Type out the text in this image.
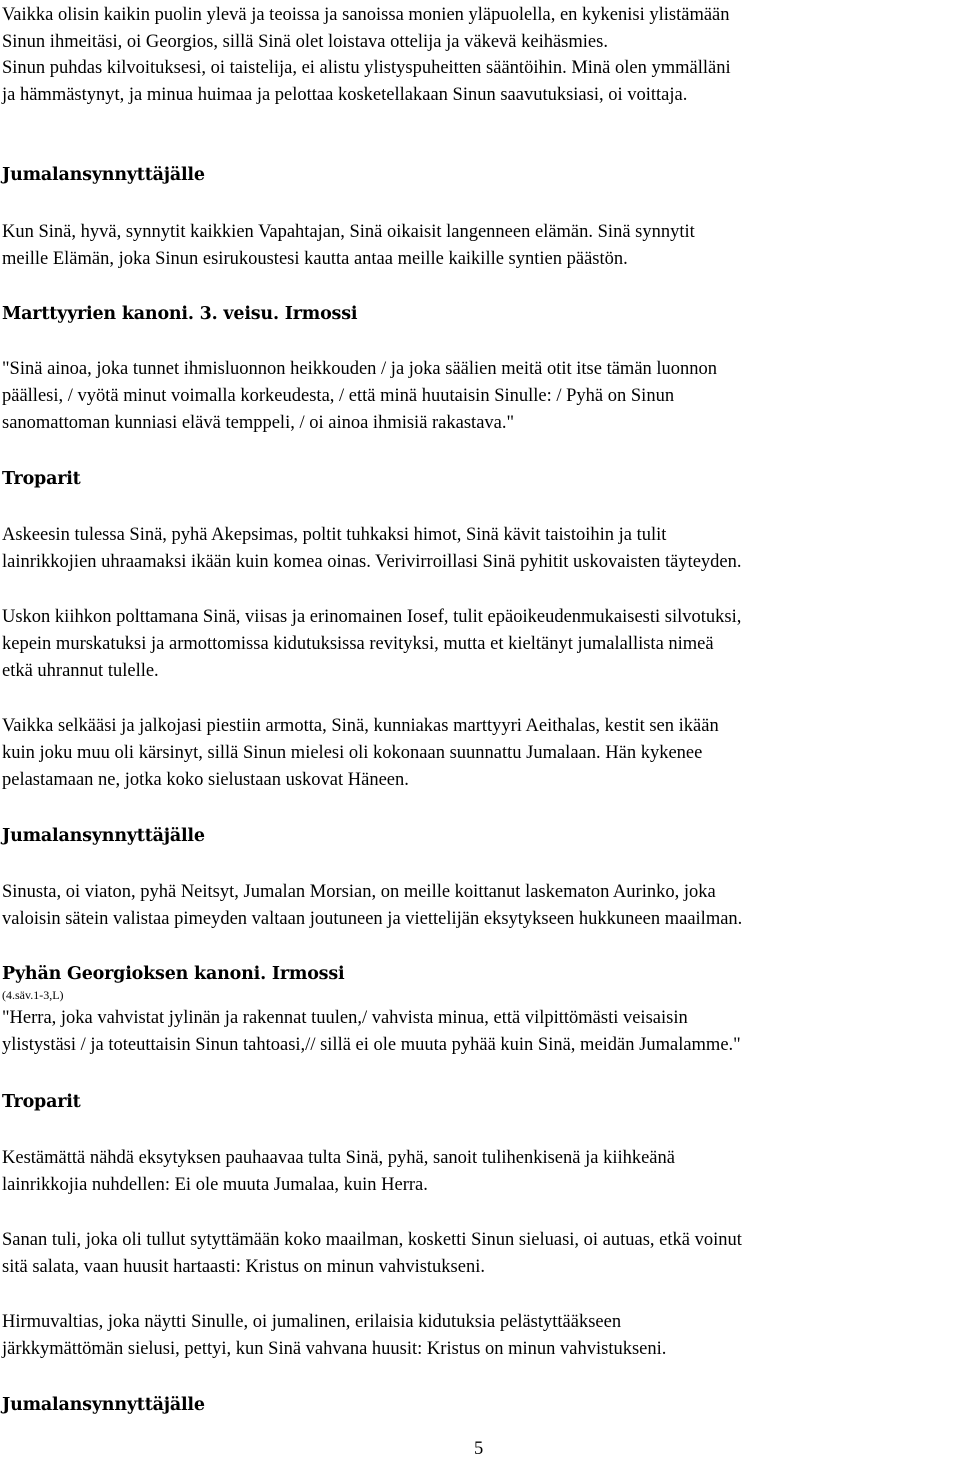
Vaikka olisin kaikin puolin ylevä ja teoissa ja sanoissa monien yläpuolella, en kykenisi ylistämään
Sinun ihmeitäsi, oi Georgios, sillä Sinä olet loistava ottelija ja väkevä keihäsmies.

Sinun puhdas kilvoituksesi, oi taistelija, ei alistu ylistyspuheitten sääntöihin. Minä olen ymmälläni
ja hämmästynyt, ja minua huimaa ja pelottaa kosketellakaan Sinun saavutuksiasi, oi voittaja.

Jumalansynnyttäjälle

Kun Sinä, hyvä, synnytit kaikkien Vapahtajan, Sinä oikaisit langenneen elämän. Sinä synnytit
meille Elämän, joka Sinun esirukoustesi kautta antaa meille kaikille syntien päästön.

Marttyyrien kanoni. 3. veisu. Irmossi

"Sinä ainoa, joka tunnet ihmisluonnon heikkouden / ja joka säälien meitä otit itse tämän luonnon
päällesi, / vyötä minut voimalla korkeudesta, / että minä huutaisin Sinulle: / Pyhä on Sinun
sanomattoman kunniasi elävä temppeli, / oi ainoa ihmisiä rakastava."

Troparit

Askeesin tulessa Sinä, pyhä Akepsimas, poltit tuhkaksi himot, Sinä kävit taistoihin ja tulit
lainrikkojien uhraamaksi ikään kuin komea oinas. Verivirroillasi Sinä pyhitit uskovaisten täyteyden.

Uskon kiihkon polttamana Sinä, viisas ja erinomainen Iosef, tulit epäoikeudenmukaisesti silvotuksi,
kepein murskatuksi ja armottomissa kidutuksissa revityksi, mutta et kieltänyt jumalallista nimeä
etkä uhrannut tulelle.

Vaikka selkääsi ja jalkojasi piestiin armotta, Sinä, kunniakas marttyyri Aeithalas, kestit sen ikään
kuin joku muu oli kärsinyt, sillä Sinun mielesi oli kokonaan suunnattu Jumalaan. Hän kykenee
pelastamaan ne, jotka koko sielustaan uskovat Häneen.

Jumalansynnyttäjälle

Sinusta, oi viaton, pyhä Neitsyt, Jumalan Morsian, on meille koittanut laskematon Aurinko, joka
valoisin sätein valistaa pimeyden valtaan joutuneen ja viettelijän eksytykseen hukkuneen maailman.

Pyhän Georgioksen kanoni. Irmossi
(4.säv.1-3,L)

"Herra, joka vahvistat jylinän ja rakennat tuulen,/ vahvista minua, että vilpittömästi veisaisin
ylistystäsi / ja toteuttaisin Sinun tahtoasi,// sillä ei ole muuta pyhää kuin Sinä, meidän Jumalamme."

Troparit

Kestämättä nähdä eksytyksen pauhaavaa tulta Sinä, pyhä, sanoit tulihenkisenä ja kiihkeänä
lainrikkojia nuhdellen: Ei ole muuta Jumalaa, kuin Herra.

Sanan tuli, joka oli tullut sytyttämään koko maailman, kosketti Sinun sieluasi, oi autuas, etkä voinut
sitä salata, vaan huusit hartaasti: Kristus on minun vahvistukseni.

Hirmuvaltias, joka näytti Sinulle, oi jumalinen, erilaisia kidutuksia pelästyttääkseen
järkkymättömän sielusi, pettyi, kun Sinä vahvana huusit: Kristus on minun vahvistukseni.

Jumalansynnyttäjälle
5
